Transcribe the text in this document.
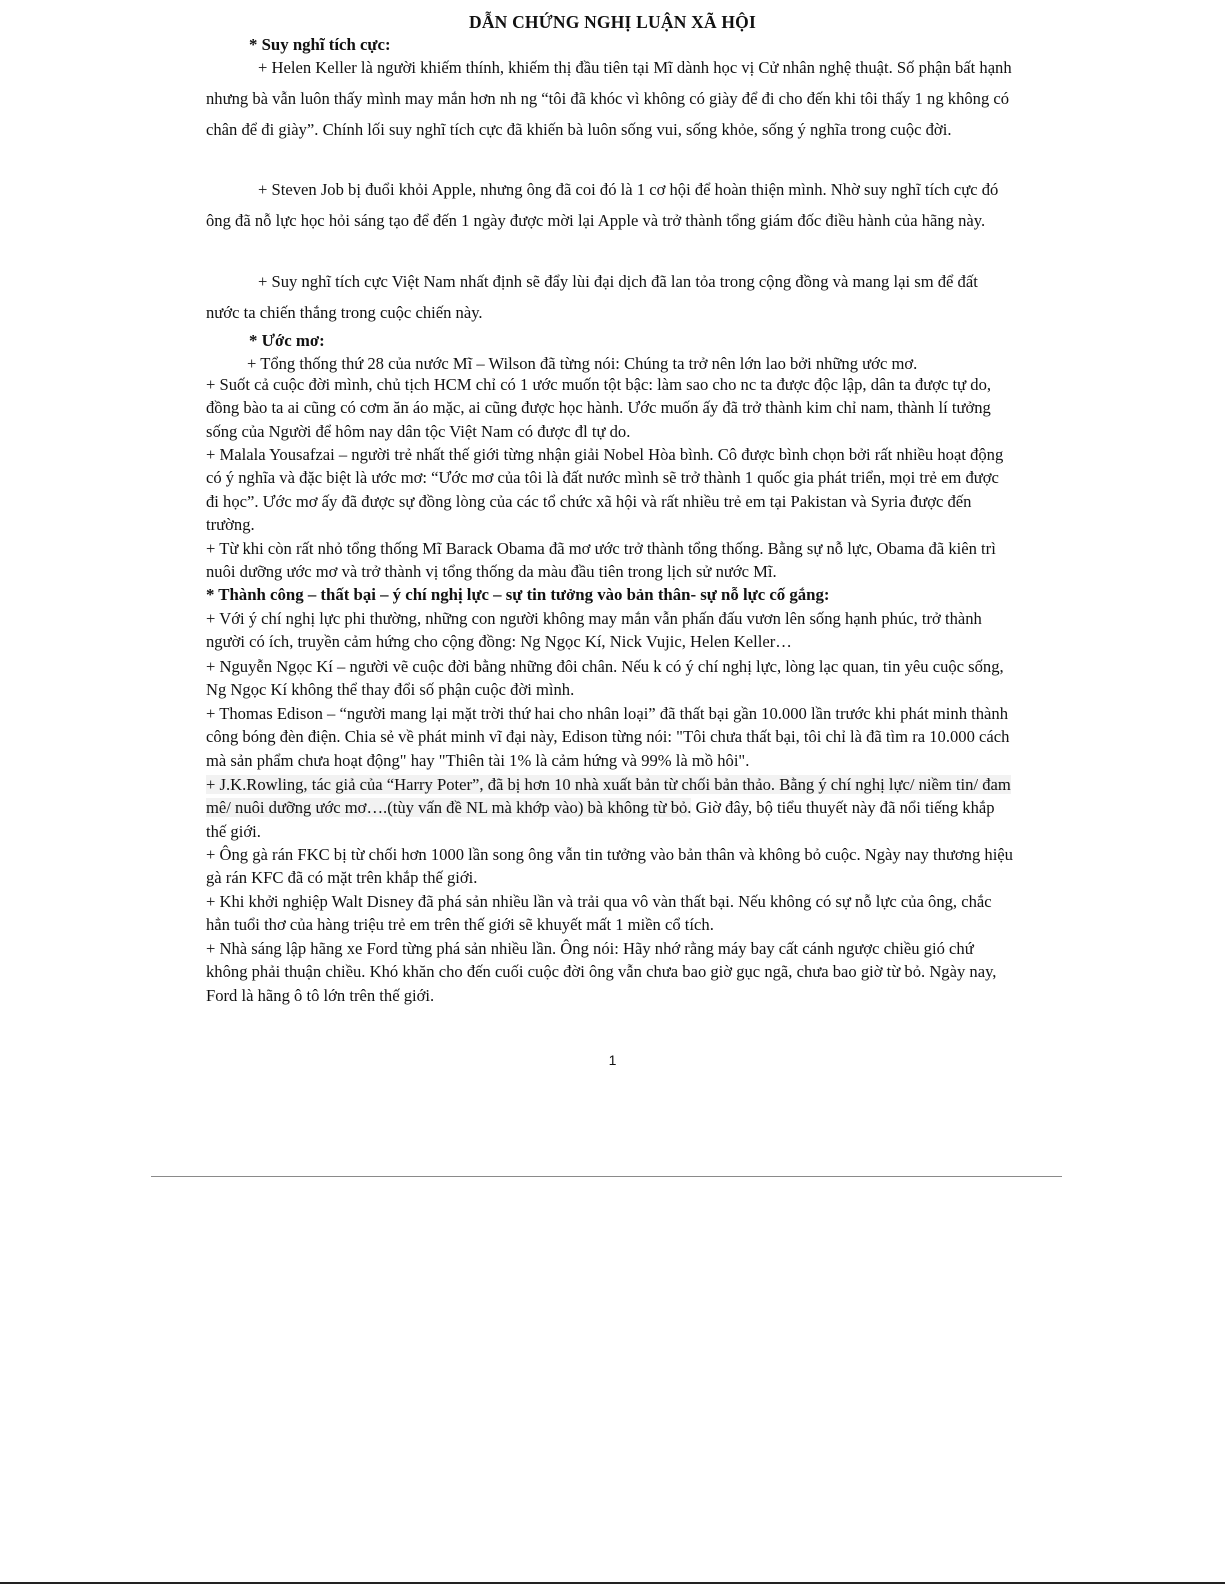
DẪN CHỨNG NGHỊ LUẬN XÃ HỘI

* Suy nghĩ tích cực:

+ Helen Keller là người khiếm thính, khiếm thị đầu tiên tại Mĩ dành học vị Cử nhân nghệ thuật. Số phận bất hạnh nhưng bà vẫn luôn thấy mình may mắn hơn nh ng “tôi đã khóc vì không có giày để đi cho đến khi tôi thấy 1 ng không có chân để đi giày”. Chính lối suy nghĩ tích cực đã khiến bà luôn sống vui, sống khỏe, sống ý nghĩa trong cuộc đời.

+ Steven Job bị đuổi khỏi Apple, nhưng ông đã coi đó là 1 cơ hội để hoàn thiện mình. Nhờ suy nghĩ tích cực đó ông đã nỗ lực học hỏi sáng tạo để đến 1 ngày được mời lại Apple và trở thành tổng giám đốc điều hành của hãng này.

+ Suy nghĩ tích cực Việt Nam nhất định sẽ đẩy lùi đại dịch đã lan tỏa trong cộng đồng và mang lại sm để đất nước ta chiến thắng trong cuộc chiến này.

* Ước mơ:

+ Tổng thống thứ 28 của nước Mĩ – Wilson đã từng nói: Chúng ta trở nên lớn lao bởi những ước mơ.

+ Suốt cả cuộc đời mình, chủ tịch HCM chỉ có 1 ước muốn tột bậc: làm sao cho nc ta được độc lập, dân ta được tự do, đồng bào ta ai cũng có cơm ăn áo mặc, ai cũng được học hành. Ước muốn ấy đã trở thành kim chỉ nam, thành lí tưởng sống của Người để hôm nay dân tộc Việt Nam có được đl tự do.

+ Malala Yousafzai – người trẻ nhất thế giới từng nhận giải Nobel Hòa bình. Cô được bình chọn bởi rất nhiều hoạt động có ý nghĩa và đặc biệt là ước mơ: “Ước mơ của tôi là đất nước mình sẽ trở thành 1 quốc gia phát triển, mọi trẻ em được đi học”. Ước mơ ấy đã được sự đồng lòng của các tổ chức xã hội và rất nhiều trẻ em tại Pakistan và Syria được đến trường.

+ Từ khi còn rất nhỏ tổng thống Mĩ Barack Obama đã mơ ước trở thành tổng thống. Bằng sự nỗ lực, Obama đã kiên trì nuôi dưỡng ước mơ và trở thành vị tổng thống da màu đầu tiên trong lịch sử nước Mĩ.

* Thành công – thất bại – ý chí nghị lực – sự tin tưởng vào bản thân- sự nỗ lực cố gắng:

+ Với ý chí nghị lực phi thường, những con người không may mắn vẫn phấn đấu vươn lên sống hạnh phúc, trở thành người có ích, truyền cảm hứng cho cộng đồng: Ng Ngọc Kí, Nick Vujic, Helen Keller…

+ Nguyễn Ngọc Kí – người vẽ cuộc đời bằng những đôi chân. Nếu k có ý chí nghị lực, lòng lạc quan, tin yêu cuộc sống, Ng Ngọc Kí không thể thay đổi số phận cuộc đời mình.

+ Thomas Edison – “người mang lại mặt trời thứ hai cho nhân loại” đã thất bại gần 10.000 lần trước khi phát minh thành công bóng đèn điện. Chia sẻ về phát minh vĩ đại này, Edison từng nói: "Tôi chưa thất bại, tôi chỉ là đã tìm ra 10.000 cách mà sản phẩm chưa hoạt động" hay "Thiên tài 1% là cảm hứng và 99% là mồ hôi".

+ J.K.Rowling, tác giả của “Harry Poter”, đã bị hơn 10 nhà xuất bản từ chối bản thảo. Bằng ý chí nghị lực/ niềm tin/ đam mê/ nuôi dưỡng ước mơ….(tùy vấn đề NL mà khớp vào) bà không từ bỏ. Giờ đây, bộ tiểu thuyết này đã nổi tiếng khắp thế giới.

+ Ông gà rán FKC bị từ chối hơn 1000 lần song ông vẫn tin tưởng vào bản thân và không bỏ cuộc. Ngày nay thương hiệu gà rán KFC đã có mặt trên khắp thế giới.

+ Khi khởi nghiệp Walt Disney đã phá sản nhiều lần và trải qua vô vàn thất bại. Nếu không có sự nỗ lực của ông, chắc hẳn tuổi thơ của hàng triệu trẻ em trên thế giới sẽ khuyết mất 1 miền cổ tích.

+ Nhà sáng lập hãng xe Ford từng phá sản nhiều lần. Ông nói: Hãy nhớ rằng máy bay cất cánh ngược chiều gió chứ không phải thuận chiều. Khó khăn cho đến cuối cuộc đời ông vẫn chưa bao giờ gục ngã, chưa bao giờ từ bỏ. Ngày nay, Ford là hãng ô tô lớn trên thế giới.

1
